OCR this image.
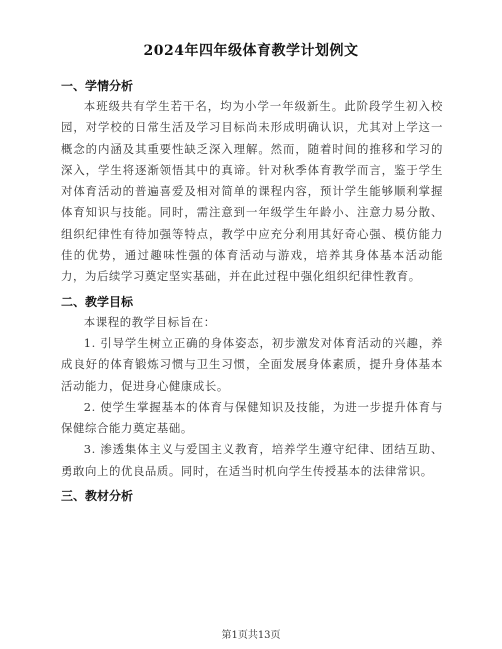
2024年四年级体育教学计划例文

一、学情分析

本班级共有学生若干名，均为小学一年级新生。此阶段学生初入校园，对学校的日常生活及学习目标尚未形成明确认识，尤其对上学这一概念的内涵及其重要性缺乏深入理解。然而，随着时间的推移和学习的深入，学生将逐渐领悟其中的真谛。针对秋季体育教学而言，鉴于学生对体育活动的普遍喜爱及相对简单的课程内容，预计学生能够顺利掌握体育知识与技能。同时，需注意到一年级学生年龄小、注意力易分散、组织纪律性有待加强等特点，教学中应充分利用其好奇心强、模仿能力佳的优势，通过趣味性强的体育活动与游戏，培养其身体基本活动能力，为后续学习奠定坚实基础，并在此过程中强化组织纪律性教育。

二、教学目标

本课程的教学目标旨在：

1. 引导学生树立正确的身体姿态，初步激发对体育活动的兴趣，养成良好的体育锻炼习惯与卫生习惯，全面发展身体素质，提升身体基本活动能力，促进身心健康成长。

2. 使学生掌握基本的体育与保健知识及技能，为进一步提升体育与保健综合能力奠定基础。

3. 渗透集体主义与爱国主义教育，培养学生遵守纪律、团结互助、勇敢向上的优良品质。同时，在适当时机向学生传授基本的法律常识。

三、教材分析

第1页共13页
